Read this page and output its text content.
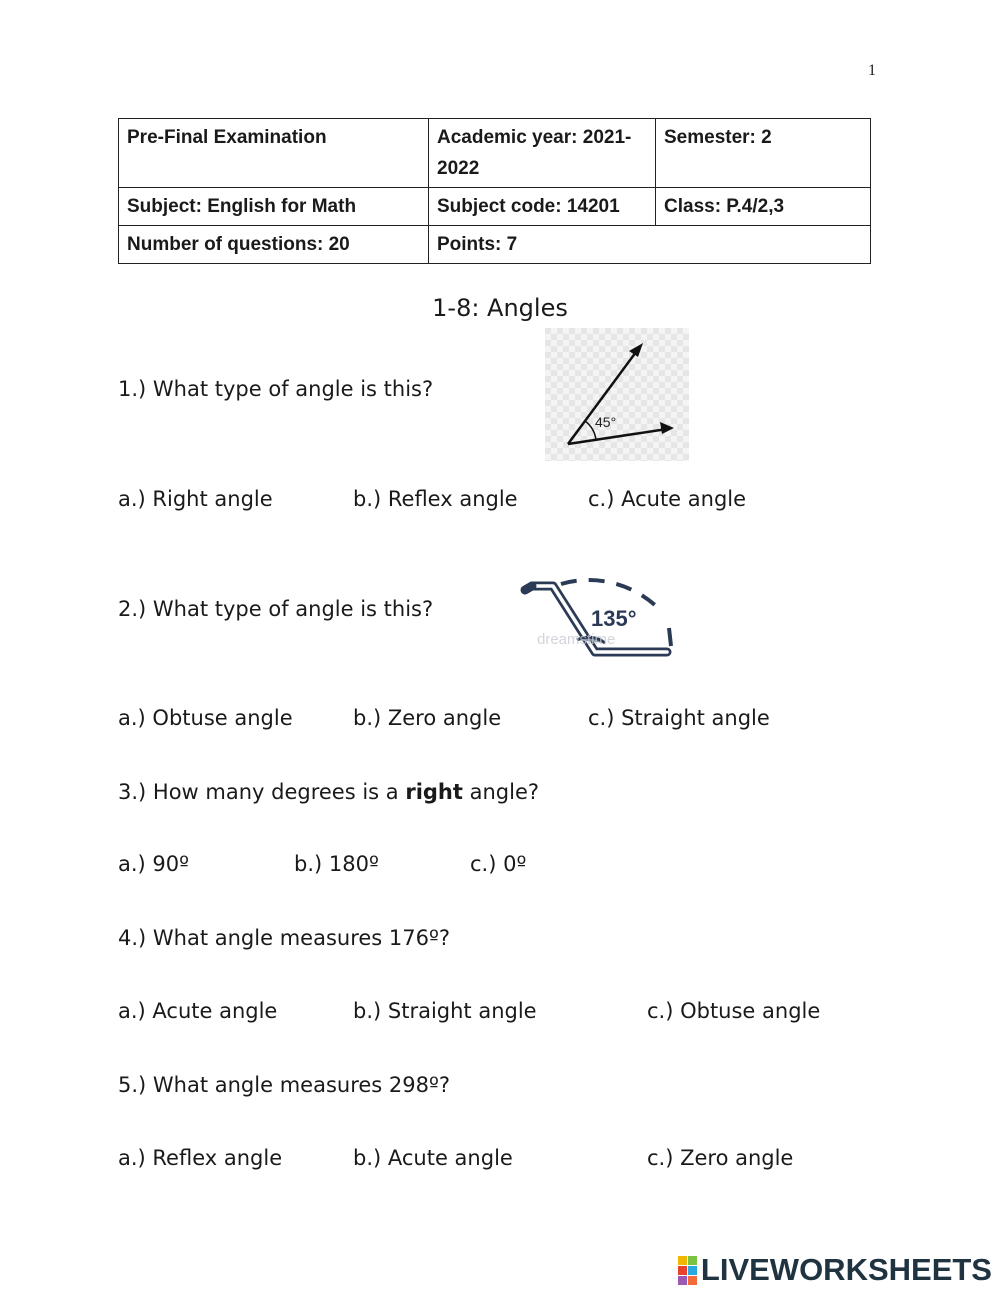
1
Pre-Final Examination	Academic year: 2021-2022	Semester: 2
Subject: English for Math	Subject code: 14201	Class: P.4/2,3
Number of questions: 20	Points: 7	
1-8: Angles
45°
135°
dreamstime
1.) What type of angle is this?
a.) Right angle	b.) Reflex angle	c.) Acute angle
2.) What type of angle is this?
a.) Obtuse angle	b.) Zero angle	c.) Straight angle
3.) How many degrees is a right angle?
a.) 90º	b.) 180º	c.) 0º
4.) What angle measures 176º?
a.) Acute angle	b.) Straight angle	c.) Obtuse angle
5.) What angle measures 298º?
a.) Reflex angle	b.) Acute angle	c.) Zero angle
LIVEWORKSHEETS
